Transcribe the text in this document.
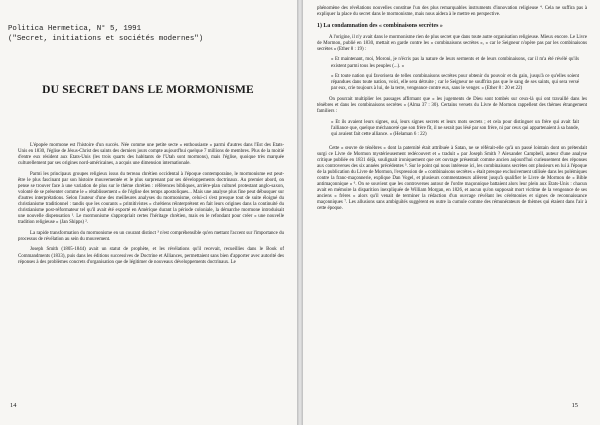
Politica Hermetica, N° 5, 1991
("Secret, initiations et sociétés modernes")
DU SECRET DANS LE MORMONISME

L'épopée mormone est l'histoire d'un succès. Née comme une petite secte « enthousiaste » parmi d'autres dans l'Est des Etats-Unis en 1830, l'église de Jésus-Christ des saints des derniers jours compte aujourd'hui quelque 7 millions de membres. Plus de la moitié d'entre eux résident aux Etats-Unis (les trois quarts des habitants de l'Utah sont mormons), mais l'église, quoique très marquée culturellement par ses origines nord-américaines, a acquis une dimension internationale.

Parmi les principaux groupes religieux issus du terreau chrétien occidental à l'époque contemporaine, le mormonisme est peut-être le plus fascinant par son histoire mouvementée et le plus surprenant par ses développements doctrinaux. Au premier abord, on pense se trouver face à une variation de plus sur le thème chrétien : références bibliques, arrière-plan culturel protestant anglo-saxon, volonté de se présenter comme le « rétablissement » de l'église des temps apostoliques... Mais une analyse plus fine peut débusquer sur d'autres interprétations. Selon l'auteur d'une des meilleures analyses du mormonisme, celui-ci s'est presque tout de suite éloigné du christianisme traditionnel : tandis que les courants « primitivistes » chrétiens réinterprètent en fait leurs origines dans la continuité du christianisme post-réformateur tel qu'il avait été exporté en Amérique durant la période coloniale, la démarche mormone introduisait une nouvelle dispensation ¹. Le mormonisme s'appropriait certes l'héritage chrétien, mais en le refondant pour créer « une nouvelle tradition religieuse » (Jan Shipps) ².

La rapide transformation du mormonisme en un courant distinct ³ n'est compréhensible qu'en mettant l'accent sur l'importance du processus de révélation au sein du mouvement.

Joseph Smith (1805-1844) avait un statut de prophète, et les révélations qu'il recevait, recueillies dans le Book of Commandments (1833), puis dans les éditions successives de Doctrine et Alliances, permettaient sans bien d'apporter avec autorité des réponses à des problèmes concrets d'organisation que de légitimer de nouveaux développements doctrinaux. Le

14

phénomène des révélations nouvelles constitue l'un des plus remarquables instruments d'innovation religieuse ⁴. Cela ne suffira pas à expliquer la place du secret dans le mormonisme, mais nous aidera à le mettre en perspective.

1) La condamnation des « combinaisons secrètes »

A l'origine, il n'y avait dans le mormonisme rien de plus secret que dans toute autre organisation religieuse. Mieux encore. Le Livre de Mormon, publié en 1830, mettait en garde contre les « combinaisons secrètes », « car le Seigneur n'opère pas par les combinaisons secrètes » (Ether 8 : 19) :

« Et maintenant, moi, Moroni, je n'écris pas la nature de leurs serments et de leurs combinaisons, car il m'a été révélé qu'ils existent parmi tous les peuples (...). »

« Et toute nation qui favorisera de telles combinaisons secrètes pour obtenir du pouvoir et du gain, jusqu'à ce qu'elles soient répandues dans toute nation, voici, elle sera détruite ; car le Seigneur ne souffrira pas que le sang de ses saints, qui sera versé par eux, crie toujours à lui, de la terre, vengeance contre eux, sans le venger. » (Ether 8 : 20 et 22)

On pourrait multiplier les passages affirmant que « les jugements de Dieu sont tombés sur ceux-là qui ont travaillé dans les ténèbres et dans les combinaisons secrètes » (Alma 37 : 30). Certains versets du Livre de Mormon rappellent des thèmes étrangement familiers :

« Et ils avaient leurs signes, oui, leurs signes secrets et leurs mots secrets ; et cela pour distinguer un frère qui avait fait l'alliance que, quelque méchanceté que son frère fît, il ne serait pas lésé par son frère, ni par ceux qui appartenaient à sa bande, qui avaient fait cette alliance. » (Helaman 6 : 22)

Cette « œuvre de ténèbres » dont la paternité était attribuée à Satan, ne se référait-elle qu'à un passé lointain dont on prétendait surgi ce Livre de Mormon mystérieusement redécouvert et « traduit » par Joseph Smith ? Alexander Campbell, auteur d'une analyse critique publiée en 1831 déjà, soulignait ironiquement que cet ouvrage présentait comme ancien aujourd'hui curieusement des réponses aux controverses des six années précédentes ⁵. Sur le point qui nous intéresse ici, les combinaisons secrètes ont plusieurs en lui à l'époque de la publication du Livre de Mormon, l'expression de « combinaisons secrètes » était presque exclusivement utilisée dans les polémiques contre la franc-maçonnerie, explique Dan Vogel, et plusieurs commentateurs allèrent jusqu'à qualifier le Livre de Mormon de « Bible antimaçonnique » ⁶. On se souvient que les controverses autour de l'ordre maçonnique battaient alors leur plein aux Etats-Unis : chacun avait en mémoire la disparition inexpliquée de William Morgan, en 1826, et aucun qu'on supposait mort victime de la vengeance de ses anciens « frères » alors qu'il venait de terminer la rédaction d'un ouvrage révélant les cérémonies et signes de reconnaissance maçonniques ⁷. Les allusions sans ambiguïtés suggèrent en outre la cumule comme des rémunérateurs de thèmes qui étaient dans l'air à cette époque.

15
